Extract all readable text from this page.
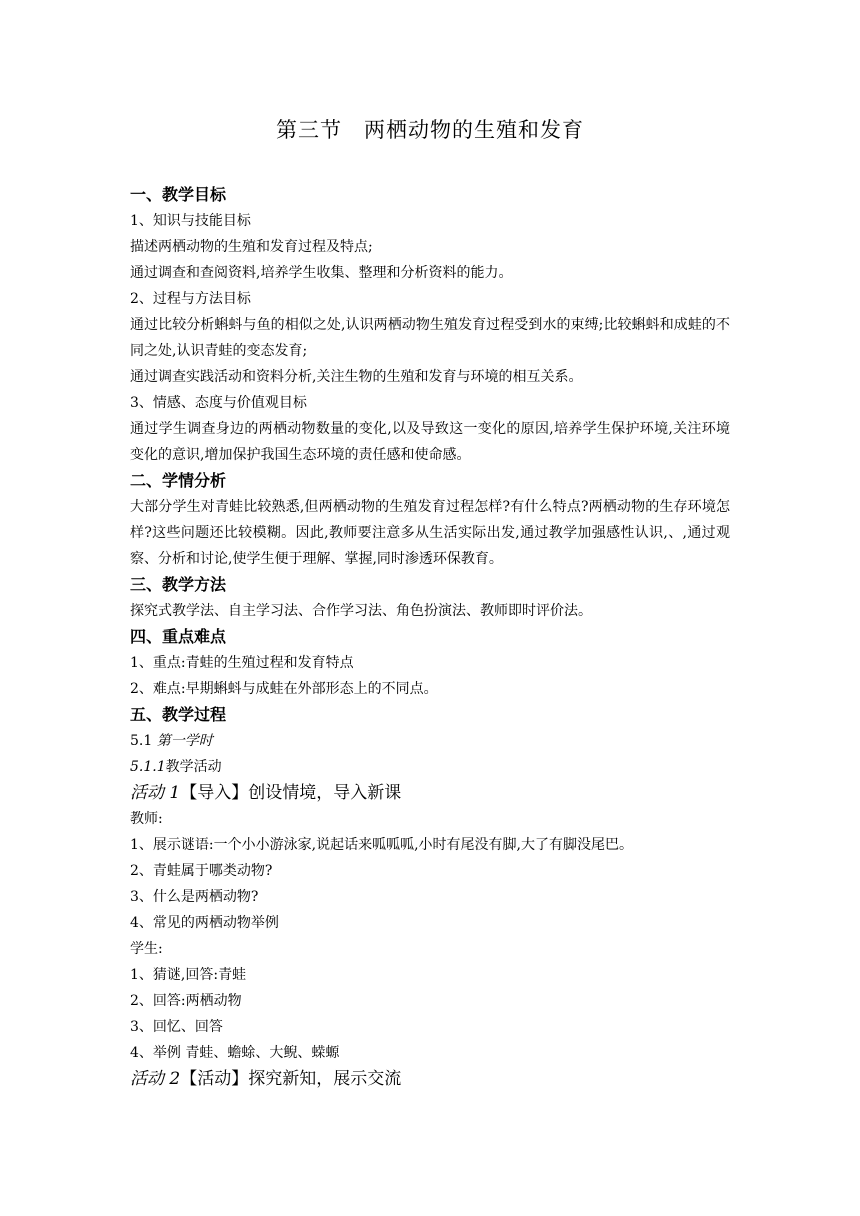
第三节　两栖动物的生殖和发育
一、教学目标
1、知识与技能目标
描述两栖动物的生殖和发育过程及特点;
通过调查和查阅资料,培养学生收集、整理和分析资料的能力。
2、过程与方法目标
通过比较分析蝌蚪与鱼的相似之处,认识两栖动物生殖发育过程受到水的束缚;比较蝌蚪和成蛙的不同之处,认识青蛙的变态发育;
通过调查实践活动和资料分析,关注生物的生殖和发育与环境的相互关系。
3、情感、态度与价值观目标
通过学生调查身边的两栖动物数量的变化,以及导致这一变化的原因,培养学生保护环境,关注环境变化的意识,增加保护我国生态环境的责任感和使命感。
二、学情分析
大部分学生对青蛙比较熟悉,但两栖动物的生殖发育过程怎样?有什么特点?两栖动物的生存环境怎样?这些问题还比较模糊。因此,教师要注意多从生活实际出发,通过教学加强感性认识,、,通过观察、分析和讨论,使学生便于理解、掌握,同时渗透环保教育。
三、教学方法
探究式教学法、自主学习法、合作学习法、角色扮演法、教师即时评价法。
四、重点难点
1、重点:青蛙的生殖过程和发育特点
2、难点:早期蝌蚪与成蛙在外部形态上的不同点。
五、教学过程
5.1 第一学时
5.1.1教学活动
活动 1【导入】创设情境，导入新课
教师:
1、展示谜语:一个小小游泳家,说起话来呱呱呱,小时有尾没有脚,大了有脚没尾巴。
2、青蛙属于哪类动物?
3、什么是两栖动物?
4、常见的两栖动物举例
学生:
1、猜谜,回答:青蛙
2、回答:两栖动物
3、回忆、回答
4、举例 青蛙、蟾蜍、大鲵、蝾螈
活动 2【活动】探究新知，展示交流
